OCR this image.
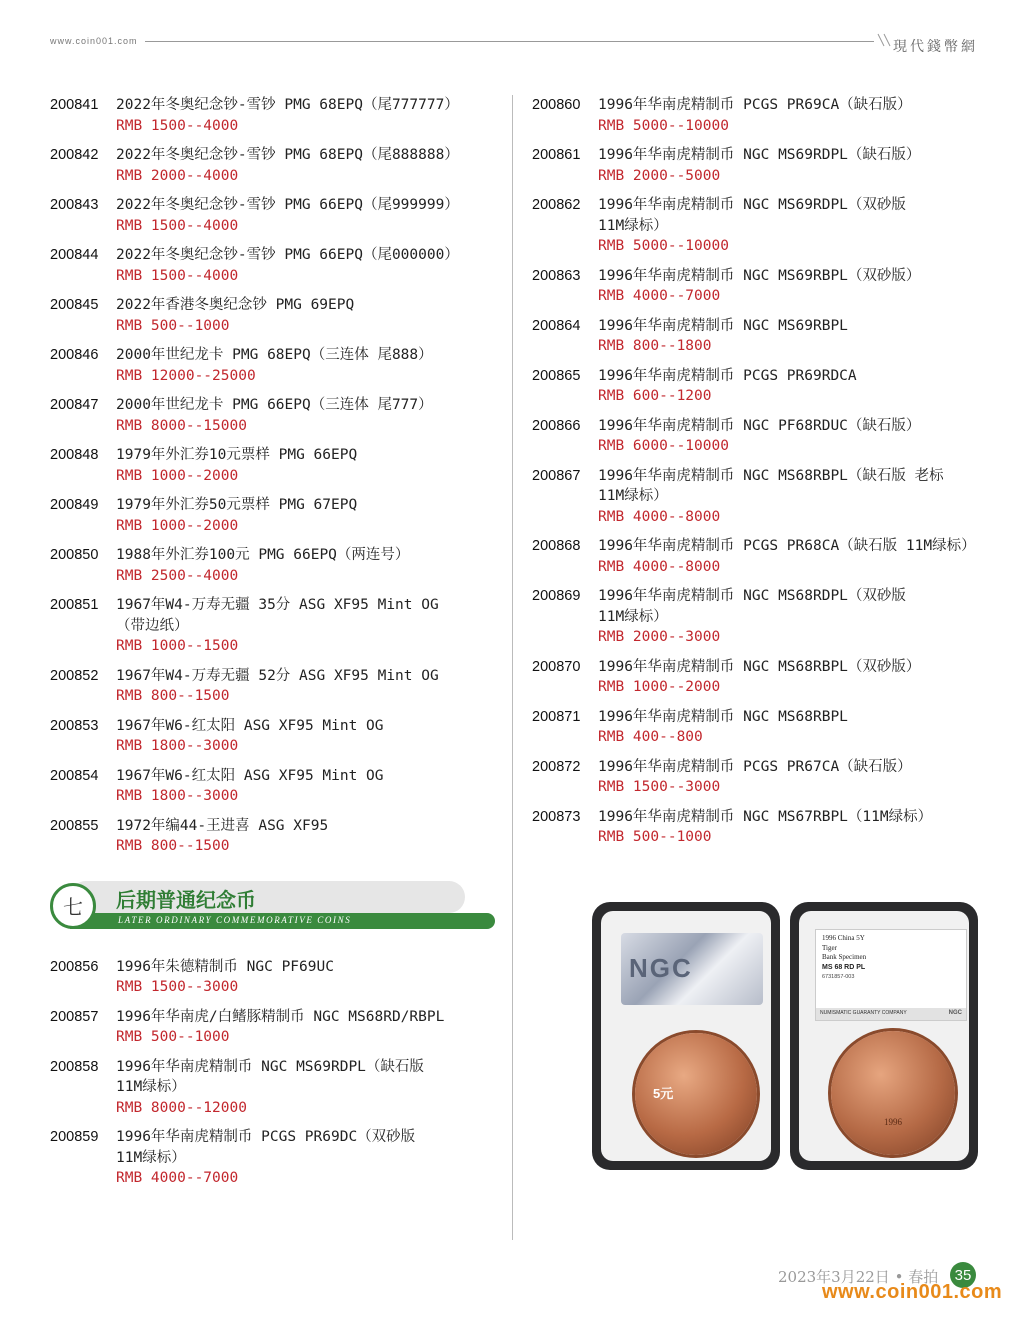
www.coin001.com	現代錢幣網
200841	2022年冬奥纪念钞-雪钞 PMG 68EPQ（尾777777）
RMB 1500--4000
200842	2022年冬奥纪念钞-雪钞 PMG 68EPQ（尾888888）
RMB 2000--4000
200843	2022年冬奥纪念钞-雪钞 PMG 66EPQ（尾999999）
RMB 1500--4000
200844	2022年冬奥纪念钞-雪钞 PMG 66EPQ（尾000000）
RMB 1500--4000
200845	2022年香港冬奥纪念钞 PMG 69EPQ
RMB 500--1000
200846	2000年世纪龙卡 PMG 68EPQ（三连体 尾888）
RMB 12000--25000
200847	2000年世纪龙卡 PMG 66EPQ（三连体 尾777）
RMB 8000--15000
200848	1979年外汇券10元票样 PMG 66EPQ
RMB 1000--2000
200849	1979年外汇券50元票样 PMG 67EPQ
RMB 1000--2000
200850	1988年外汇券100元 PMG 66EPQ（两连号）
RMB 2500--4000
200851	1967年W4-万寿无疆 35分 ASG XF95 Mint OG
（带边纸）
RMB 1000--1500
200852	1967年W4-万寿无疆 52分 ASG XF95 Mint OG
RMB 800--1500
200853	1967年W6-红太阳 ASG XF95 Mint OG
RMB 1800--3000
200854	1967年W6-红太阳 ASG XF95 Mint OG
RMB 1800--3000
200855	1972年编44-王进喜 ASG XF95
RMB 800--1500
七	后期普通纪念币
LATER ORDINARY COMMEMORATIVE COINS
200856	1996年朱德精制币 NGC PF69UC
RMB 1500--3000
200857	1996年华南虎/白鳍豚精制币 NGC MS68RD/RBPL
RMB 500--1000
200858	1996年华南虎精制币 NGC MS69RDPL（缺石版
11M绿标）
RMB 8000--12000
200859	1996年华南虎精制币 PCGS PR69DC（双砂版
11M绿标）
RMB 4000--7000
200860	1996年华南虎精制币 PCGS PR69CA（缺石版）
RMB 5000--10000
200861	1996年华南虎精制币 NGC MS69RDPL（缺石版）
RMB 2000--5000
200862	1996年华南虎精制币 NGC MS69RDPL（双砂版
11M绿标）
RMB 5000--10000
200863	1996年华南虎精制币 NGC MS69RBPL（双砂版）
RMB 4000--7000
200864	1996年华南虎精制币 NGC MS69RBPL
RMB 800--1800
200865	1996年华南虎精制币 PCGS PR69RDCA
RMB 600--1200
200866	1996年华南虎精制币 NGC PF68RDUC（缺石版）
RMB 6000--10000
200867	1996年华南虎精制币 NGC MS68RBPL（缺石版 老标
11M绿标）
RMB 4000--8000
200868	1996年华南虎精制币 PCGS PR68CA（缺石版 11M绿标）
RMB 4000--8000
200869	1996年华南虎精制币 NGC MS68RDPL（双砂版
11M绿标）
RMB 2000--3000
200870	1996年华南虎精制币 NGC MS68RBPL（双砂版）
RMB 1000--2000
200871	1996年华南虎精制币 NGC MS68RBPL
RMB 400--800
200872	1996年华南虎精制币 PCGS PR67CA（缺石版）
RMB 1500--3000
200873	1996年华南虎精制币 NGC MS67RBPL（11M绿标）
RMB 500--1000
NGC
5元
1996 China 5Y
Tiger
Bank Specimen
MS 68 RD PL
6731857-003
NUMISMATIC GUARANTY COMPANY	NGC
1996
2023年3月22日 • 春拍	35
www.coin001.com
